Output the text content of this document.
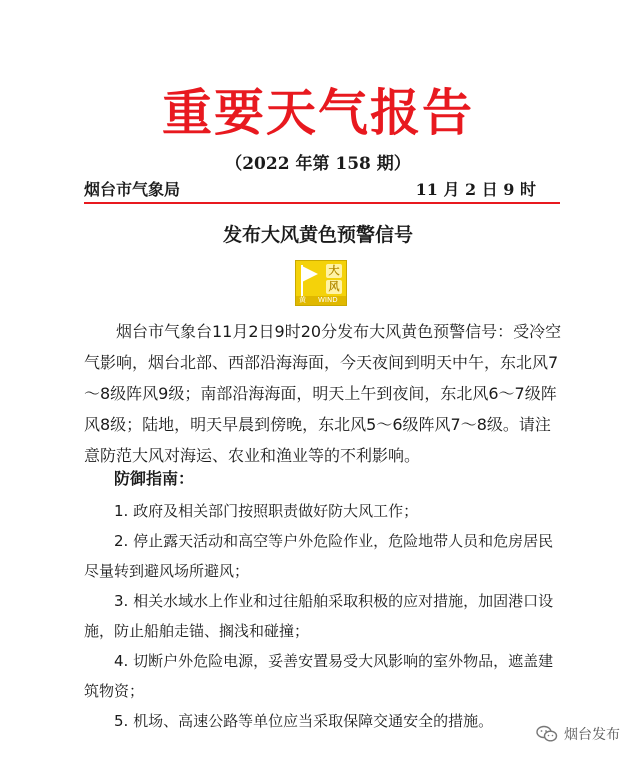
重要天气报告
（2022 年第 158 期）
烟台市气象局	11 月 2 日 9 时
发布大风黄色预警信号
大
风
黄 WIND

烟台市气象台11月2日9时20分发布大风黄色预警信号：受冷空气影响，烟台北部、西部沿海海面，今天夜间到明天中午，东北风7～8级阵风9级；南部沿海海面，明天上午到夜间，东北风6～7级阵风8级；陆地，明天早晨到傍晚，东北风5～6级阵风7～8级。请注意防范大风对海运、农业和渔业等的不利影响。

防御指南：

1. 政府及相关部门按照职责做好防大风工作；

2. 停止露天活动和高空等户外危险作业，危险地带人员和危房居民尽量转到避风场所避风；

3. 相关水域水上作业和过往船舶采取积极的应对措施，加固港口设施，防止船舶走锚、搁浅和碰撞；

4. 切断户外危险电源，妥善安置易受大风影响的室外物品，遮盖建筑物资；

5. 机场、高速公路等单位应当采取保障交通安全的措施。

烟台发布
